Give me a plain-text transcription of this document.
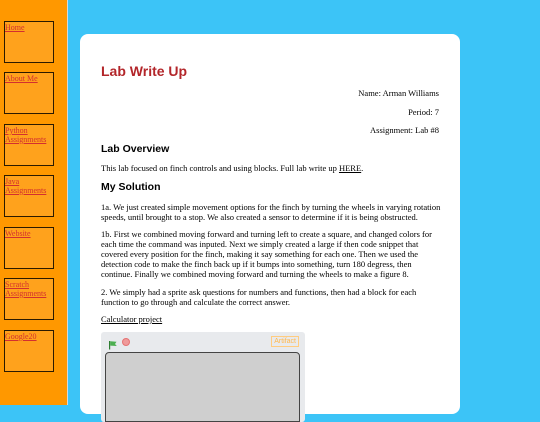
Home
About Me
Python Assignments
Java Assignments
Website
Scratch Assignments
Google20
Lab Write Up

Name: Arman Williams

Period: 7

Assignment: Lab #8

Lab Overview

This lab focused on finch controls and using blocks. Full lab write up HERE.

My Solution

1a. We just created simple movement options for the finch by turning the wheels in varying rotation speeds, until brought to a stop. We also created a sensor to determine if it is being obstructed.

1b. First we combined moving forward and turning left to create a square, and changed colors for each time the command was inputed. Next we simply created a large if then code snippet that covered every position for the finch, making it say something for each one. Then we used the detection code to make the finch back up if it bumps into something, turn 180 degress, then continue. Finally we combined moving forward and turning the wheels to make a figure 8.

2. We simply had a sprite ask questions for numbers and functions, then had a block for each function to go through and calculate the correct answer.

Calculator project

Artifact
